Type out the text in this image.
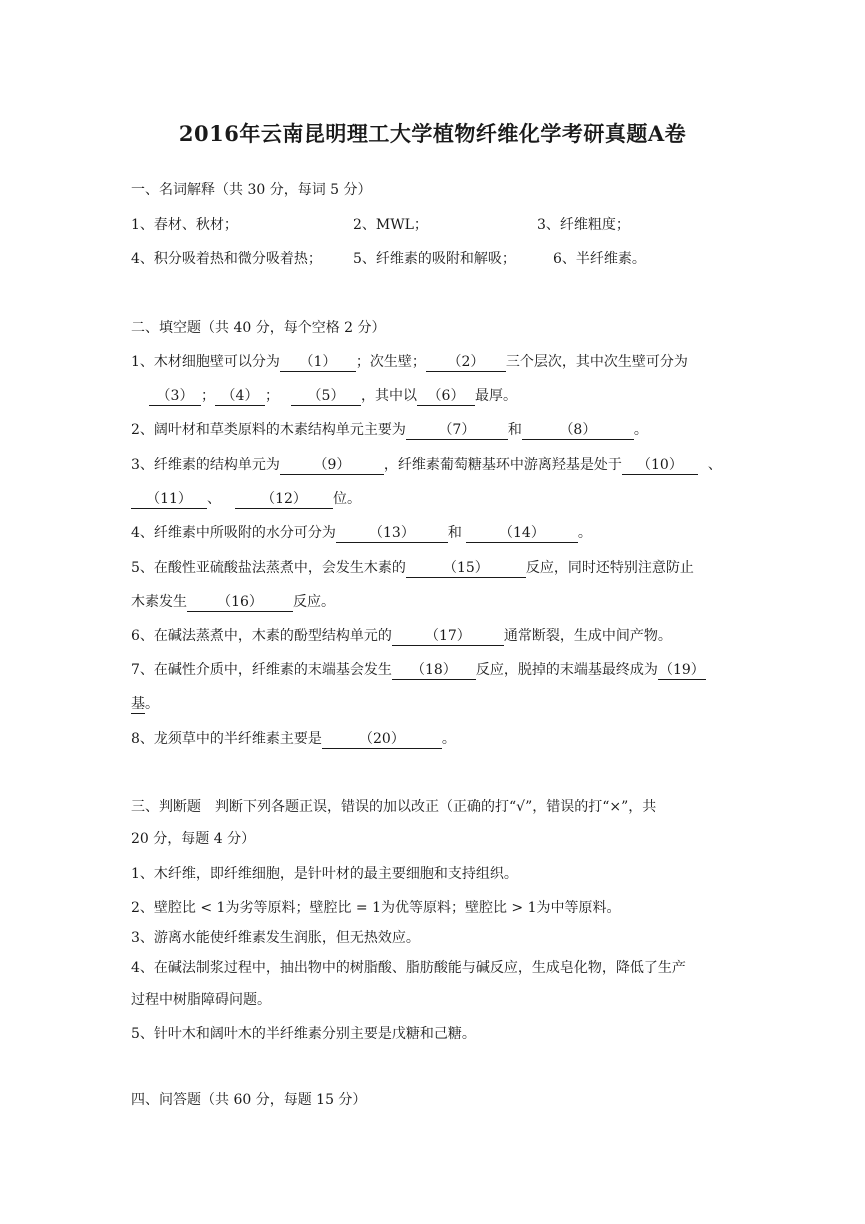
2016年云南昆明理工大学植物纤维化学考研真题A卷
一、名词解释（共 30 分，每词 5 分）
1、春材、秋材；	2、MWL；	3、纤维粗度；
4、积分吸着热和微分吸着热； 5、纤维素的吸附和解吸；	6、半纤维素。
二、填空题（共 40 分，每个空格 2 分）
1、木材细胞壁可以分为 （1） ；次生壁； （2） 三个层次，其中次生壁可分为
（3） ； （4） ； （5） ，其中以 （6） 最厚。
2、阔叶材和草类原料的木素结构单元主要为 （7） 和	（8）	。
3、纤维素的结构单元为 （9） ，纤维素葡萄糖基环中游离羟基是处于 （10） 、
（11） 、	（12） 位。
4、纤维素中所吸附的水分可分为 （13） 和	（14） 。
5、在酸性亚硫酸盐法蒸煮中，会发生木素的	（15）	反应，同时还特别注意防止
木素发生 （16） 反应。
6、在碱法蒸煮中，木素的酚型结构单元的 （17） 通常断裂，生成中间产物。
7、在碱性介质中，纤维素的末端基会发生 （18） 反应，脱掉的末端基最终成为（19）
基。
8、龙须草中的半纤维素主要是	（20）	。
三、判断题　判断下列各题正误，错误的加以改正（正确的打“√”，错误的打“×”，共
20 分，每题 4 分）
1、木纤维，即纤维细胞，是针叶材的最主要细胞和支持组织。
2、壁腔比 < 1为劣等原料；壁腔比 = 1为优等原料；壁腔比 > 1为中等原料。
3、游离水能使纤维素发生润胀，但无热效应。
4、在碱法制浆过程中，抽出物中的树脂酸、脂肪酸能与碱反应，生成皂化物，降低了生产
过程中树脂障碍问题。
5、针叶木和阔叶木的半纤维素分别主要是戊糖和己糖。
四、问答题（共 60 分，每题 15 分）
